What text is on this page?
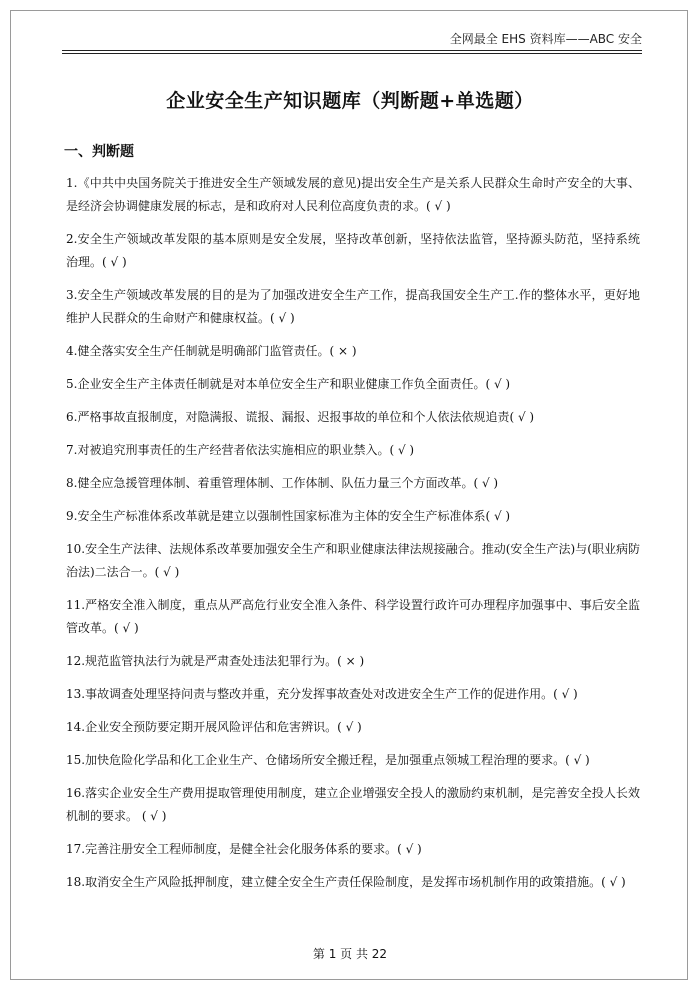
全网最全 EHS 资料库——ABC 安全
企业安全生产知识题库（判断题+单选题）
一、判断题

1.《中共中央国务院关于推进安全生产领域发展的意见)提出安全生产是关系人民群众生命时产安全的大事、是经济会协调健康发展的标志，是和政府对人民利位高度负责的求。( √ )

2.安全生产领域改革发限的基本原则是安全发展，坚持改革创新，坚持依法监管，坚持源头防范，坚持系统治理。( √ )

3.安全生产领域改革发展的目的是为了加强改进安全生产工作，提高我国安全生产工.作的整体水平，更好地维护人民群众的生命财产和健康权益。( √ )

4.健全落实安全生产任制就是明确部门监管责任。( × )

5.企业安全生产主体责任制就是对本单位安全生产和职业健康工作负全面责任。( √ )

6.严格事故直报制度，对隐满报、谎报、漏报、迟报事故的单位和个人依法依规追责( √ )

7.对被追究刑事责任的生产经营者依法实施相应的职业禁入。( √ )

8.健全应急援管理体制、着重管理体制、工作体制、队伍力量三个方面改革。( √ )

9.安全生产标准体系改革就是建立以强制性国家标准为主体的安全生产标准体系( √ )

10.安全生产法律、法规体系改革要加强安全生产和职业健康法律法规接融合。推动(安全生产法)与(职业病防治法)二法合一。( √ )

11.严格安全准入制度，重点从严高危行业安全准入条件、科学设置行政许可办理程序加强事中、事后安全监管改革。( √ )

12.规范监管执法行为就是严肃查处违法犯罪行为。( × )

13.事故调查处理坚持问责与整改并重，充分发挥事故查处对改进安全生产工作的促进作用。( √ )

14.企业安全预防要定期开展风险评估和危害辨识。( √ )

15.加快危险化学品和化工企业生产、仓储场所安全搬迁程，是加强重点领城工程治理的要求。( √ )

16.落实企业安全生产费用提取管理使用制度，建立企业增强安全投人的激励约束机制，是完善安全投人长效机制的要求。 ( √ )

17.完善注册安全工程师制度，是健全社会化服务体系的要求。( √ )

18.取消安全生产风险抵押制度，建立健全安全生产责任保险制度，是发挥市场机制作用的政策措施。( √ )

第 1 页 共 22
